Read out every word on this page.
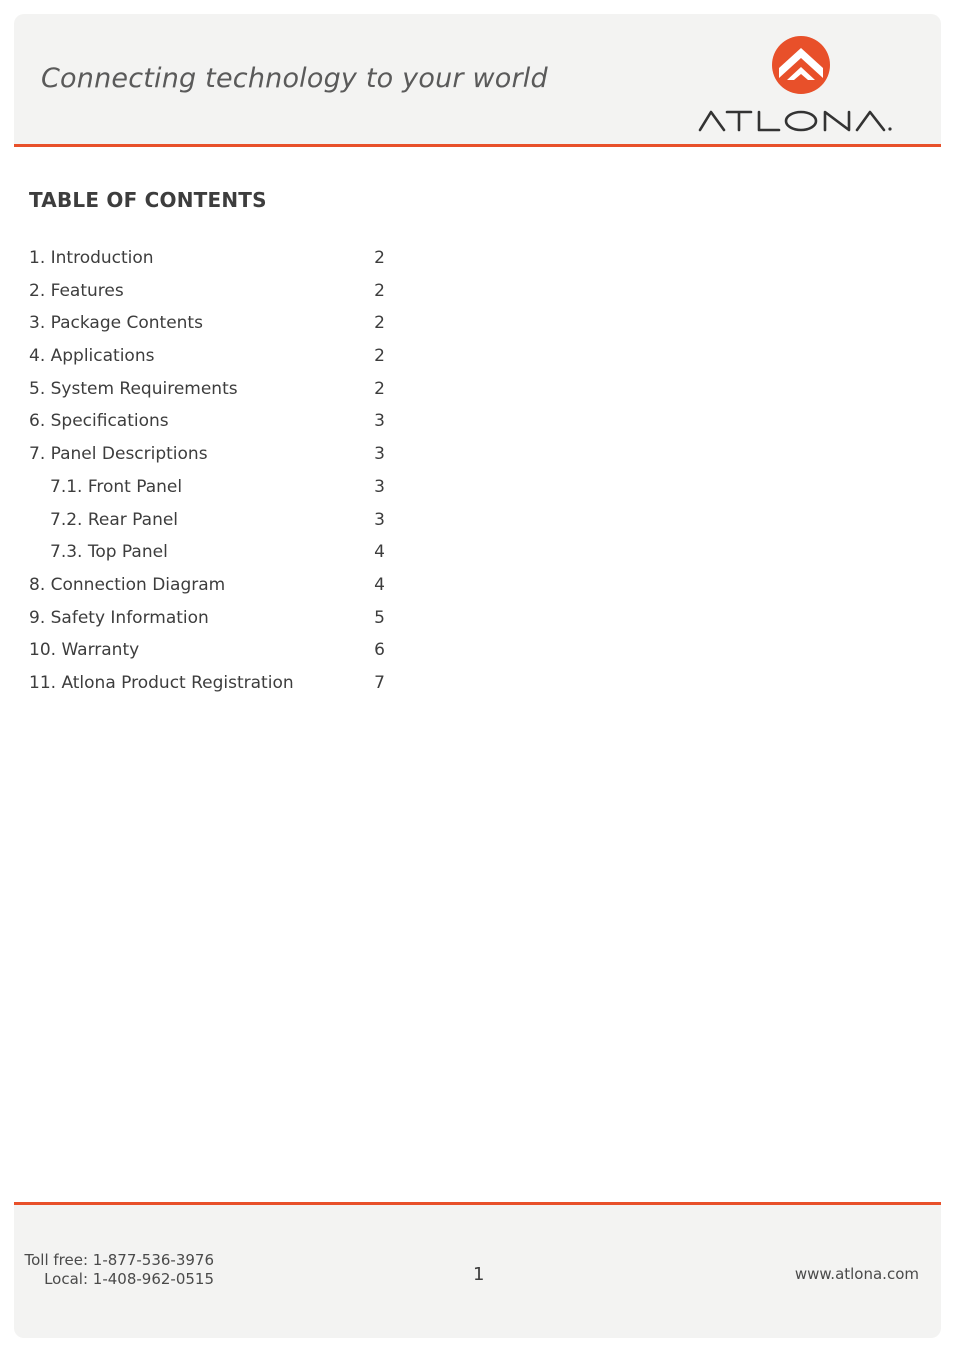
Connecting technology to your world
TABLE OF CONTENTS
1. Introduction	2
2. Features	2
3. Package Contents	2
4. Applications	2
5. System Requirements	2
6. Specifications	3
7. Panel Descriptions	3
7.1. Front Panel	3
7.2. Rear Panel	3
7.3. Top Panel	4
8. Connection Diagram	4
9. Safety Information	5
10. Warranty	6
11. Atlona Product Registration	7
Toll free: 1-877-536-3976
Local: 1-408-962-0515	1	www.atlona.com
